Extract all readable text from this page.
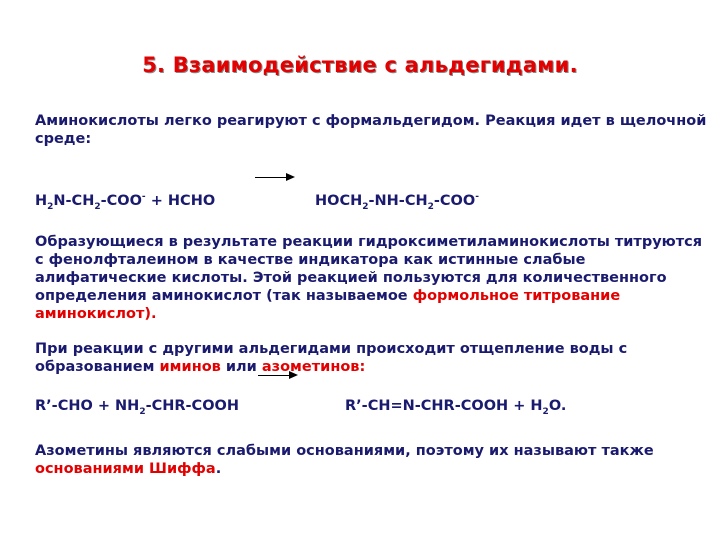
5. Взаимодействие с альдегидами.

Аминокислоты легко реагируют с формальдегидом. Реакция идет в щелочной среде:

$H_2N-CH_2-COO^-$ + HCHO	$HOCH_2-NH-CH_2-COO^-$

Образующиеся в результате реакции гидроксиметиламинокислоты титруются с фенолфталеином в качестве индикатора как истинные слабые алифатические кислоты. Этой реакцией пользуются для количественного определения аминокислот (так называемое формольное титрование аминокислот).

При реакции с другими альдегидами происходит отщепление воды с образованием иминов или азометинов:

R’-CHO + $NH_2-CHR$-COOH	R’-CH=N-CHR-COOH + $H_2O$.

Азометины являются слабыми основаниями, поэтому их называют также основаниями Шиффа.
